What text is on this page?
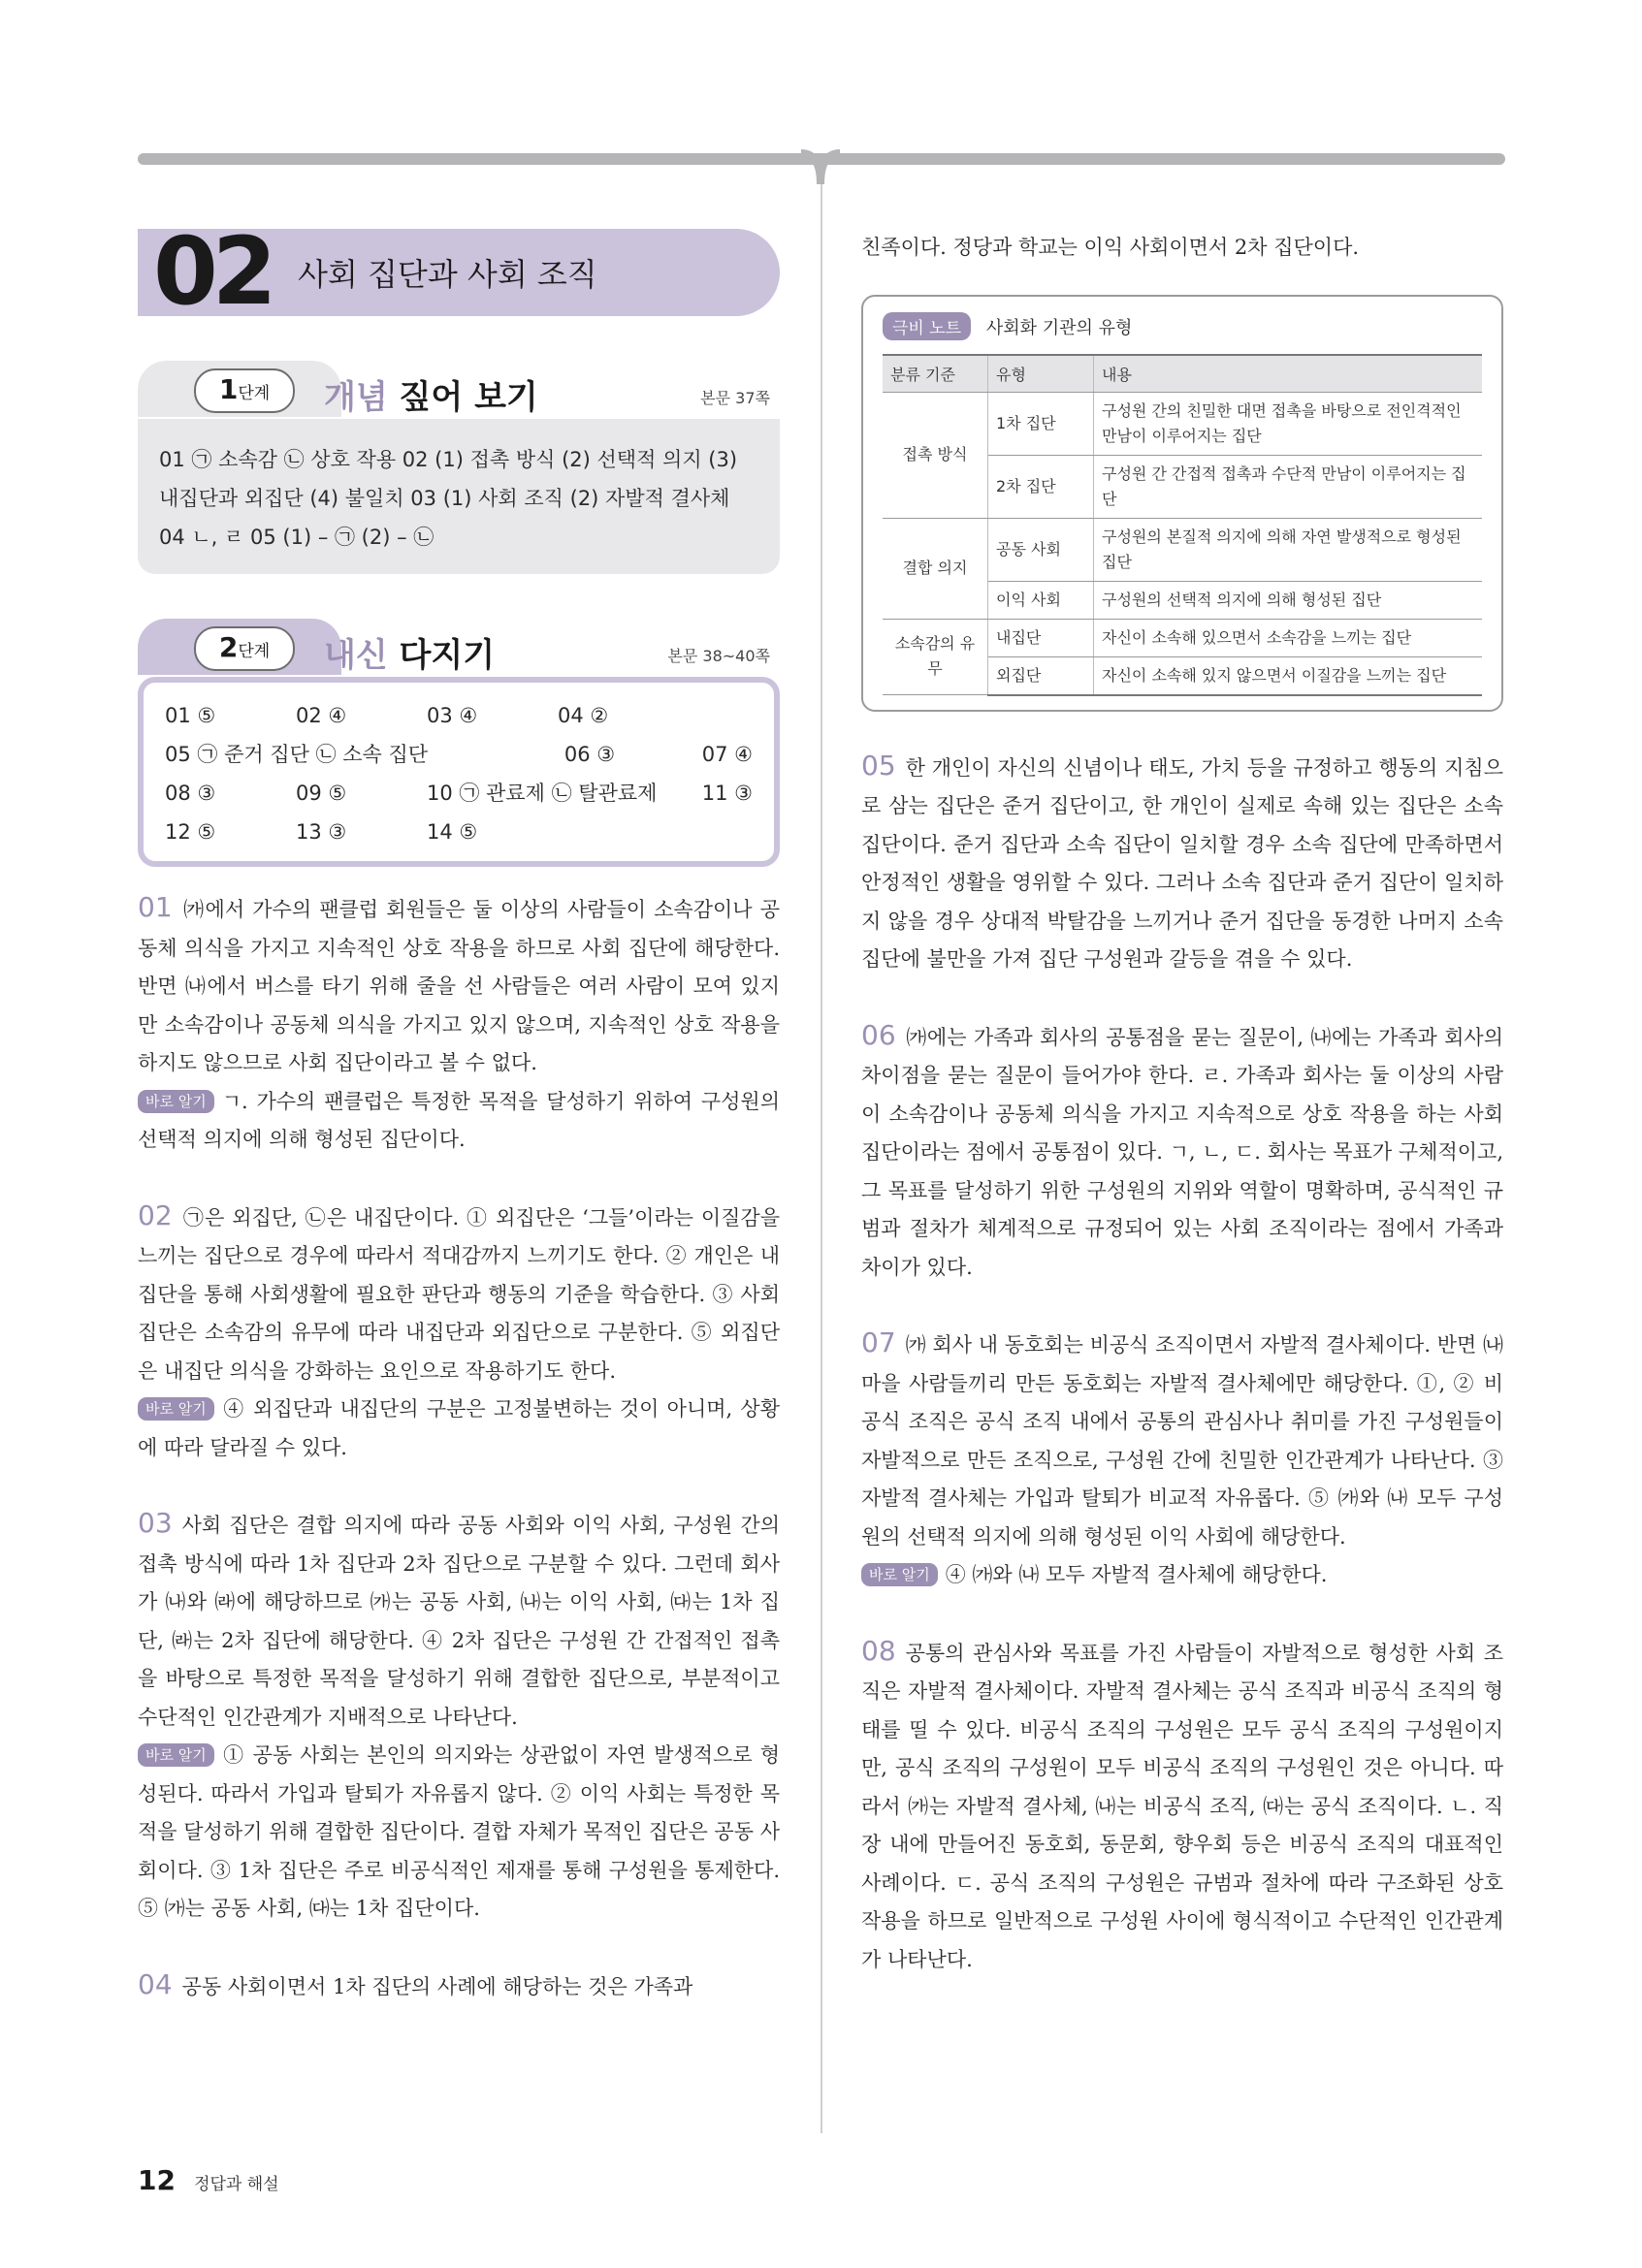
02 사회 집단과 사회 조직
1단계	개념 짚어 보기	본문 37쪽
01 ㉠ 소속감 ㉡ 상호 작용 02 (1) 접촉 방식 (2) 선택적 의지 (3)
내집단과 외집단 (4) 불일치 03 (1) 사회 조직 (2) 자발적 결사체
04 ㄴ, ㄹ 05 (1) – ㉠ (2) – ㉡
2단계	내신 다지기	본문 38~40쪽
01 ⑤	02 ④	03 ④	04 ②
05 ㉠ 준거 집단 ㉡ 소속 집단	06 ③	07 ④
08 ③	09 ⑤	10 ㉠ 관료제 ㉡ 탈관료제	11 ③
12 ⑤	13 ③	14 ⑤

01 ㈎에서 가수의 팬클럽 회원들은 둘 이상의 사람들이 소속감이나 공동체 의식을 가지고 지속적인 상호 작용을 하므로 사회 집단에 해당한다. 반면 ㈏에서 버스를 타기 위해 줄을 선 사람들은 여러 사람이 모여 있지만 소속감이나 공동체 의식을 가지고 있지 않으며, 지속적인 상호 작용을 하지도 않으므로 사회 집단이라고 볼 수 없다.
바로 알기 ㄱ. 가수의 팬클럽은 특정한 목적을 달성하기 위하여 구성원의 선택적 의지에 의해 형성된 집단이다.

02 ㉠은 외집단, ㉡은 내집단이다. ① 외집단은 ‘그들’이라는 이질감을 느끼는 집단으로 경우에 따라서 적대감까지 느끼기도 한다. ② 개인은 내집단을 통해 사회생활에 필요한 판단과 행동의 기준을 학습한다. ③ 사회 집단은 소속감의 유무에 따라 내집단과 외집단으로 구분한다. ⑤ 외집단은 내집단 의식을 강화하는 요인으로 작용하기도 한다.
바로 알기 ④ 외집단과 내집단의 구분은 고정불변하는 것이 아니며, 상황에 따라 달라질 수 있다.

03 사회 집단은 결합 의지에 따라 공동 사회와 이익 사회, 구성원 간의 접촉 방식에 따라 1차 집단과 2차 집단으로 구분할 수 있다. 그런데 회사가 ㈏와 ㈑에 해당하므로 ㈎는 공동 사회, ㈏는 이익 사회, ㈐는 1차 집단, ㈑는 2차 집단에 해당한다. ④ 2차 집단은 구성원 간 간접적인 접촉을 바탕으로 특정한 목적을 달성하기 위해 결합한 집단으로, 부분적이고 수단적인 인간관계가 지배적으로 나타난다.
바로 알기 ① 공동 사회는 본인의 의지와는 상관없이 자연 발생적으로 형성된다. 따라서 가입과 탈퇴가 자유롭지 않다. ② 이익 사회는 특정한 목적을 달성하기 위해 결합한 집단이다. 결합 자체가 목적인 집단은 공동 사회이다. ③ 1차 집단은 주로 비공식적인 제재를 통해 구성원을 통제한다. ⑤ ㈎는 공동 사회, ㈐는 1차 집단이다.

04 공동 사회이면서 1차 집단의 사례에 해당하는 것은 가족과

친족이다. 정당과 학교는 이익 사회이면서 2차 집단이다.

극비 노트 사회화 기관의 유형
분류 기준	유형	내용
접촉 방식	1차 집단	구성원 간의 친밀한 대면 접촉을 바탕으로 전인격적인 만남이 이루어지는 집단
	2차 집단	구성원 간 간접적 접촉과 수단적 만남이 이루어지는 집단
결합 의지	공동 사회	구성원의 본질적 의지에 의해 자연 발생적으로 형성된 집단
	이익 사회	구성원의 선택적 의지에 의해 형성된 집단
소속감의 유무	내집단	자신이 소속해 있으면서 소속감을 느끼는 집단
	외집단	자신이 소속해 있지 않으면서 이질감을 느끼는 집단

05 한 개인이 자신의 신념이나 태도, 가치 등을 규정하고 행동의 지침으로 삼는 집단은 준거 집단이고, 한 개인이 실제로 속해 있는 집단은 소속 집단이다. 준거 집단과 소속 집단이 일치할 경우 소속 집단에 만족하면서 안정적인 생활을 영위할 수 있다. 그러나 소속 집단과 준거 집단이 일치하지 않을 경우 상대적 박탈감을 느끼거나 준거 집단을 동경한 나머지 소속 집단에 불만을 가져 집단 구성원과 갈등을 겪을 수 있다.

06 ㈎에는 가족과 회사의 공통점을 묻는 질문이, ㈏에는 가족과 회사의 차이점을 묻는 질문이 들어가야 한다. ㄹ. 가족과 회사는 둘 이상의 사람이 소속감이나 공동체 의식을 가지고 지속적으로 상호 작용을 하는 사회 집단이라는 점에서 공통점이 있다. ㄱ, ㄴ, ㄷ. 회사는 목표가 구체적이고, 그 목표를 달성하기 위한 구성원의 지위와 역할이 명확하며, 공식적인 규범과 절차가 체계적으로 규정되어 있는 사회 조직이라는 점에서 가족과 차이가 있다.

07 ㈎ 회사 내 동호회는 비공식 조직이면서 자발적 결사체이다. 반면 ㈏ 마을 사람들끼리 만든 동호회는 자발적 결사체에만 해당한다. ①, ② 비공식 조직은 공식 조직 내에서 공통의 관심사나 취미를 가진 구성원들이 자발적으로 만든 조직으로, 구성원 간에 친밀한 인간관계가 나타난다. ③ 자발적 결사체는 가입과 탈퇴가 비교적 자유롭다. ⑤ ㈎와 ㈏ 모두 구성원의 선택적 의지에 의해 형성된 이익 사회에 해당한다.
바로 알기 ④ ㈎와 ㈏ 모두 자발적 결사체에 해당한다.

08 공통의 관심사와 목표를 가진 사람들이 자발적으로 형성한 사회 조직은 자발적 결사체이다. 자발적 결사체는 공식 조직과 비공식 조직의 형태를 띨 수 있다. 비공식 조직의 구성원은 모두 공식 조직의 구성원이지만, 공식 조직의 구성원이 모두 비공식 조직의 구성원인 것은 아니다. 따라서 ㈎는 자발적 결사체, ㈏는 비공식 조직, ㈐는 공식 조직이다. ㄴ. 직장 내에 만들어진 동호회, 동문회, 향우회 등은 비공식 조직의 대표적인 사례이다. ㄷ. 공식 조직의 구성원은 규범과 절차에 따라 구조화된 상호 작용을 하므로 일반적으로 구성원 사이에 형식적이고 수단적인 인간관계가 나타난다.

12 정답과 해설
